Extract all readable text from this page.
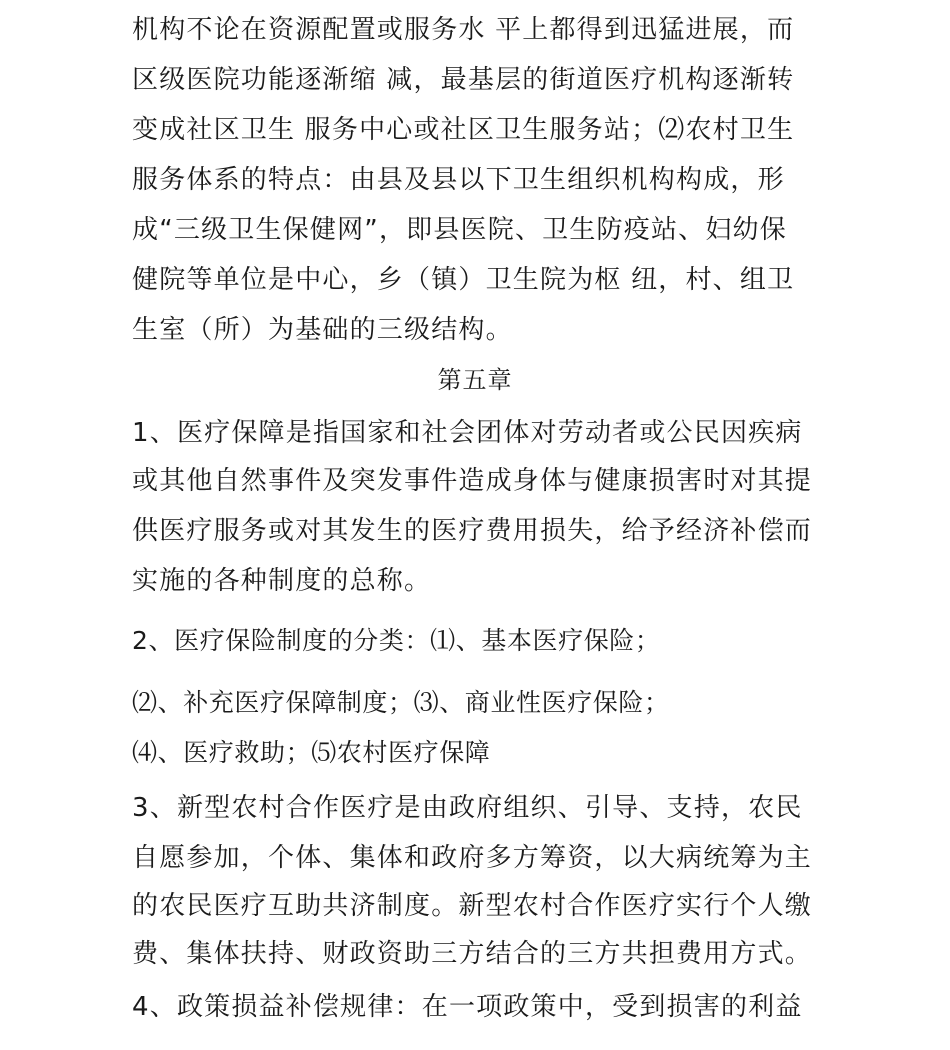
机构不论在资源配置或服务水 平上都得到迅猛进展，而
区级医院功能逐渐缩 减，最基层的街道医疗机构逐渐转
变成社区卫生 服务中心或社区卫生服务站；⑵农村卫生
服务体系的特点：由县及县以下卫生组织机构构成，形
成“三级卫生保健网”，即县医院、卫生防疫站、妇幼保
健院等单位是中心，乡（镇）卫生院为枢 纽，村、组卫
生室（所）为基础的三级结构。
第五章
1、医疗保障是指国家和社会团体对劳动者或公民因疾病
或其他自然事件及突发事件造成身体与健康损害时对其提
供医疗服务或对其发生的医疗费用损失，给予经济补偿而
实施的各种制度的总称。
2、医疗保险制度的分类：⑴、基本医疗保险；
⑵、补充医疗保障制度；⑶、商业性医疗保险；
⑷、医疗救助；⑸农村医疗保障
3、新型农村合作医疗是由政府组织、引导、支持，农民
自愿参加，个体、集体和政府多方筹资，以大病统筹为主
的农民医疗互助共济制度。新型农村合作医疗实行个人缴
费、集体扶持、财政资助三方结合的三方共担费用方式。
4、政策损益补偿规律：在一项政策中，受到损害的利益
